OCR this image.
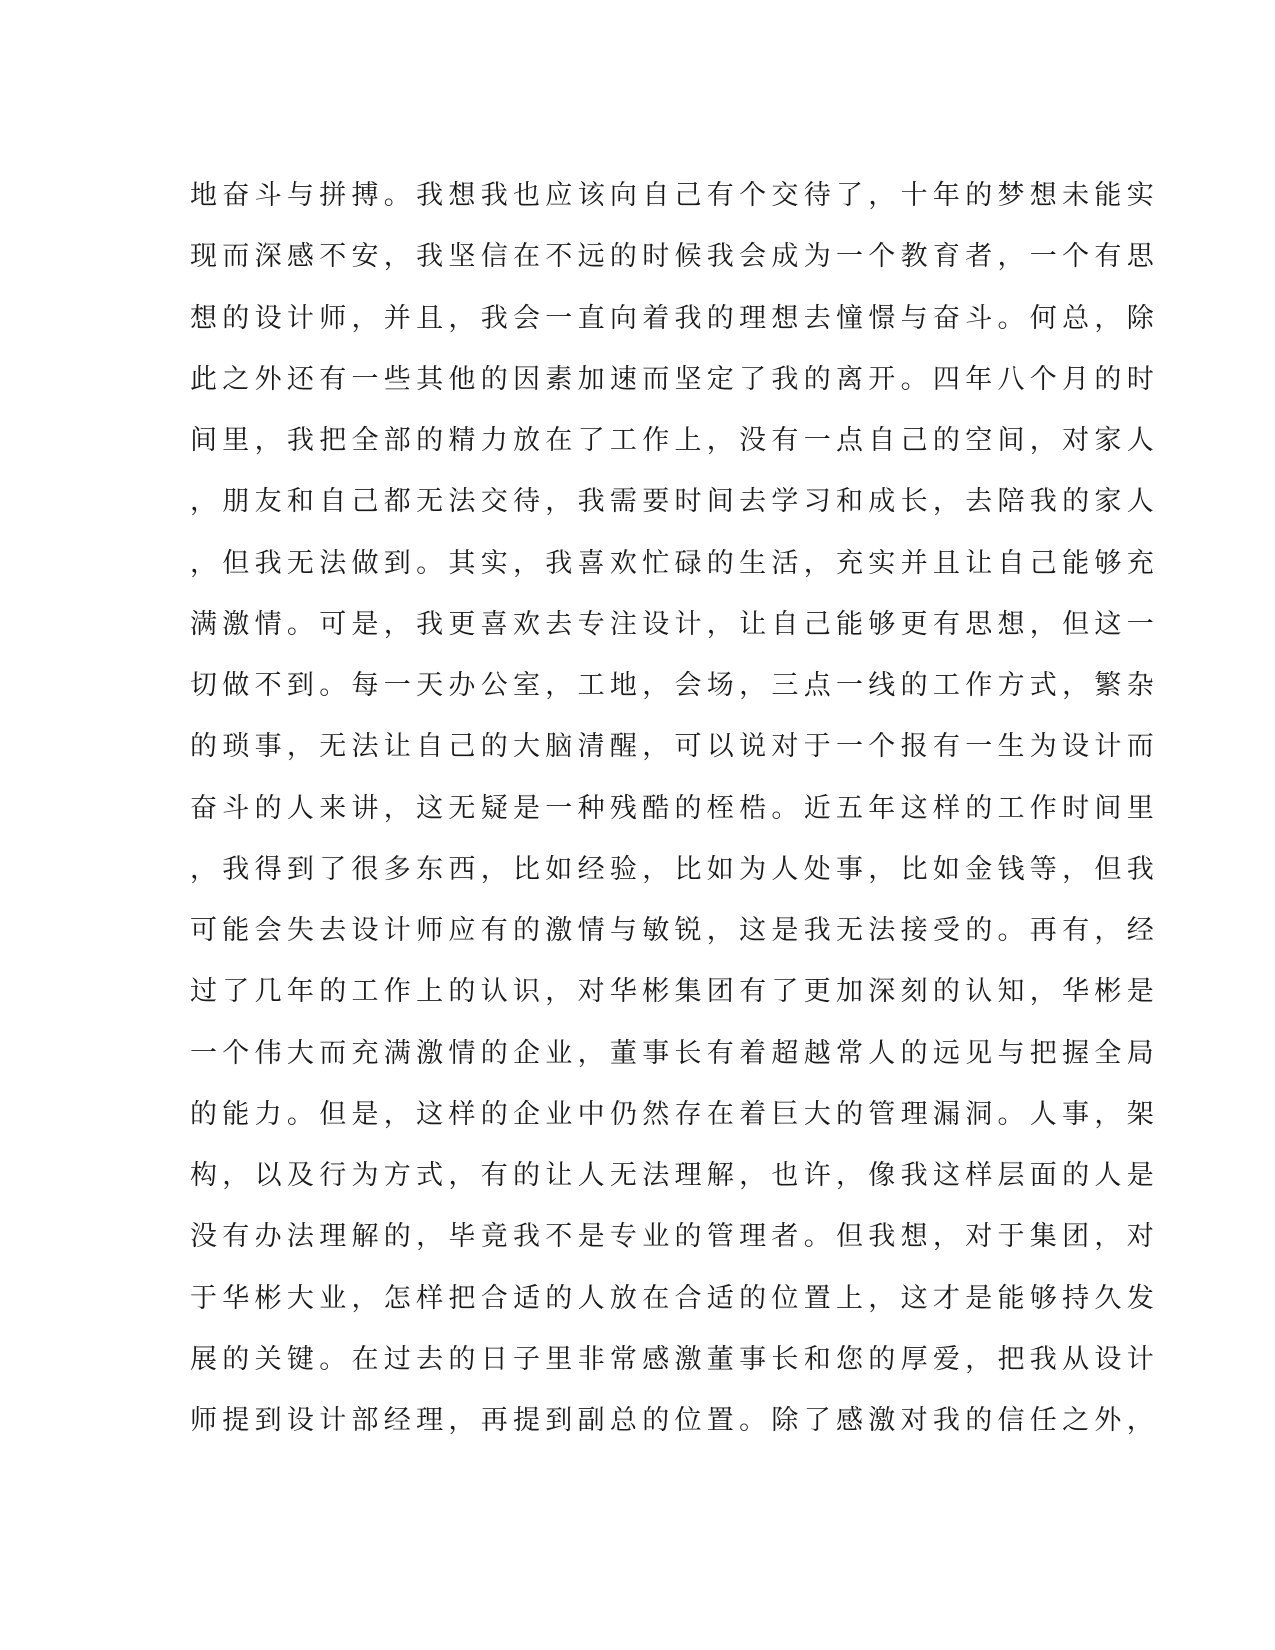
地奋斗与拼搏。我想我也应该向自己有个交待了，十年的梦想未能实
现而深感不安，我坚信在不远的时候我会成为一个教育者，一个有思
想的设计师，并且，我会一直向着我的理想去憧憬与奋斗。何总，除
此之外还有一些其他的因素加速而坚定了我的离开。四年八个月的时
间里，我把全部的精力放在了工作上，没有一点自己的空间，对家人
，朋友和自己都无法交待，我需要时间去学习和成长，去陪我的家人
，但我无法做到。其实，我喜欢忙碌的生活，充实并且让自己能够充
满激情。可是，我更喜欢去专注设计，让自己能够更有思想，但这一
切做不到。每一天办公室，工地，会场，三点一线的工作方式，繁杂
的琐事，无法让自己的大脑清醒，可以说对于一个报有一生为设计而
奋斗的人来讲，这无疑是一种残酷的桎梏。近五年这样的工作时间里
，我得到了很多东西，比如经验，比如为人处事，比如金钱等，但我
可能会失去设计师应有的激情与敏锐，这是我无法接受的。再有，经
过了几年的工作上的认识，对华彬集团有了更加深刻的认知，华彬是
一个伟大而充满激情的企业，董事长有着超越常人的远见与把握全局
的能力。但是，这样的企业中仍然存在着巨大的管理漏洞。人事，架
构，以及行为方式，有的让人无法理解，也许，像我这样层面的人是
没有办法理解的，毕竟我不是专业的管理者。但我想，对于集团，对
于华彬大业，怎样把合适的人放在合适的位置上，这才是能够持久发
展的关键。在过去的日子里非常感激董事长和您的厚爱，把我从设计
师提到设计部经理，再提到副总的位置。除了感激对我的信任之外，
